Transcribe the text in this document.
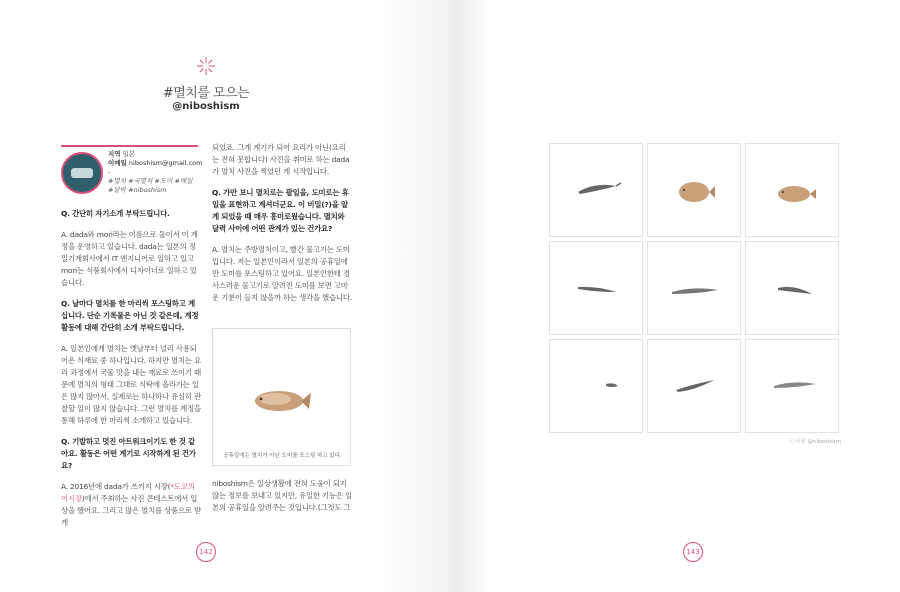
#멸치를 모으는
@niboshism
지역 일본
이메일 niboshism@gmail.com
-
#멸치 #국멸치 #도미 #매일
#달락 #niboshism

Q. 간단히 자기소개 부탁드립니다.

A. dada와 mori라는 이름으로 둘이서 이 계정을 운영하고 있습니다. dada는 일본의 정밀기계회사에서 IT 엔지니어로 일하고 있고 mori는 식품회사에서 디자이너로 일하고 있습니다.

Q. 날마다 멸치를 한 마리씩 포스팅하고 계십니다. 단순 기록물은 아닌 것 같은데, 계정 활동에 대해 간단히 소개 부탁드립니다.

A. 일본인에게 멸치는 옛날부터 널리 사용되어온 식재료 중 하나입니다. 하지만 멸치는 요리 과정에서 국물 맛을 내는 재료로 쓰이기 때문에 멸치의 형태 그대로 식탁에 올라가는 일은 많지 않아서, 실제로는 하나하나 유심히 관찰할 일이 많지 않습니다. 그런 멸치를 계정을 통해 하루에 한 마리씩 소개하고 있습니다.

Q. 기발하고 멋진 아트워크이기도 한 것 같아요. 활동은 어떤 계기로 시작하게 된 건가요?

A. 2016년에 dada가 쓰키지 시장(*도쿄의 어시장)에서 주최하는 사진 콘테스트에서 입상을 했어요. 그리고 많은 멸치를 상품으로 받게

되었죠. 그게 계기가 되어 요리가 아닌(요리는 전혀 못합니다) 사진을 취미로 하는 dada가 멸치 사진을 찍었던 게 시작입니다.

Q. 가만 보니 멸치로는 팔일을, 도미로는 휴일을 표현하고 계셔더군요. 이 비밀(?)을 알게 되었을 때 매우 흥미로웠습니다. 멸치와 달력 사이에 어떤 관계가 있는 건가요?

A. 멸치는 주방멸치이고, 빨간 물고기는 도미입니다. 저는 일본인이라서 일본의 공휴일에만 도미를 포스팅하고 있어요. 일본인한테 경사스러운 물고기로 알려진 도미를 보면 고마운 기분이 들지 않을까 하는 생각을 했습니다.

공휴일에는 멸치가 아닌 도미를 포스팅 하고 있다.

niboshism은 일상생활에 전혀 도움이 되지 않는 정보를 보내고 있지만, 유일한 기능은 일본의 공휴일을 알려주는 것입니다.(그것도 그

142
ⓒ사진 @niboshism
143
